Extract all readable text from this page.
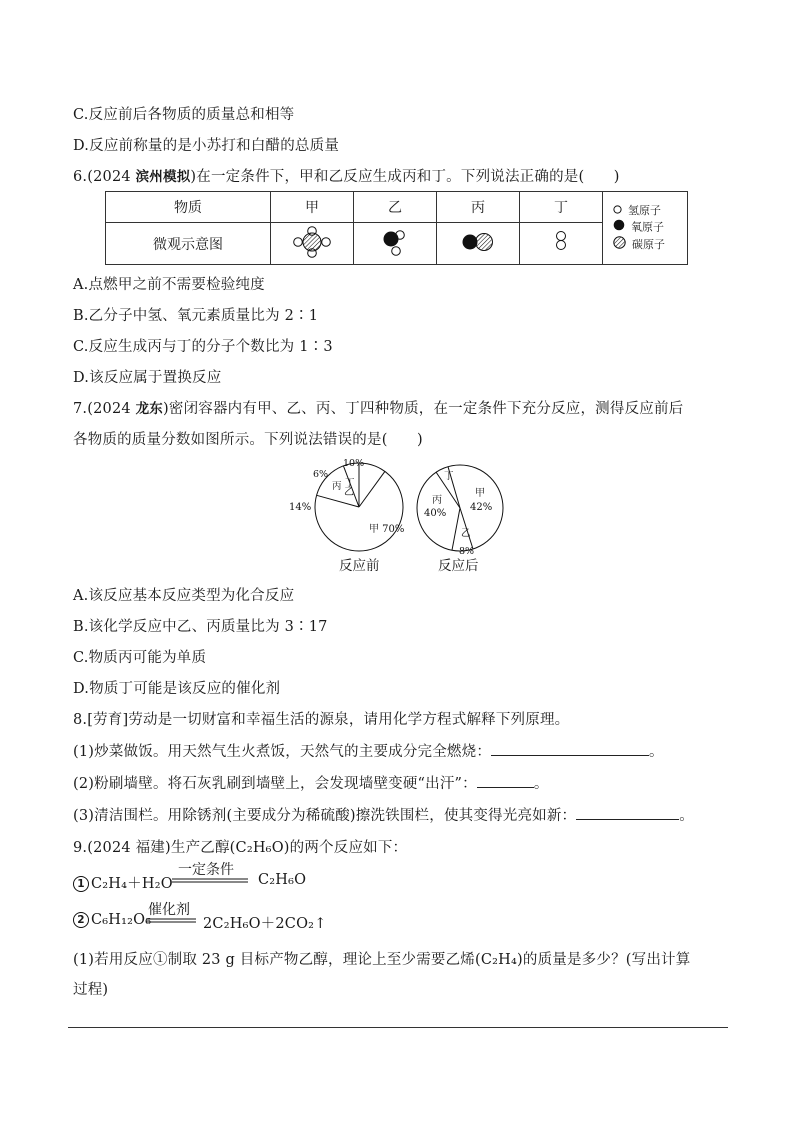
C.反应前后各物质的质量总和相等
D.反应前称量的是小苏打和白醋的总质量
6.(2024 滨州模拟)在一定条件下，甲和乙反应生成丙和丁。下列说法正确的是(　　)
物质	甲	乙	丙	丁	氢原子
氧原子
碳原子

微观示意图				
A.点燃甲之前不需要检验纯度
B.乙分子中氢、氧元素质量比为 2∶1
C.反应生成丙与丁的分子个数比为 1∶3
D.该反应属于置换反应
7.(2024 龙东)密闭容器内有甲、乙、丙、丁四种物质，在一定条件下充分反应，测得反应前后
各物质的质量分数如图所示。下列说法错误的是(　　)
甲 70%
乙
14%
丙
6%
丁
10%
反应前
甲
42%
丙
40%
乙
8%
丁
反应后
A.该反应基本反应类型为化合反应
B.该化学反应中乙、丙质量比为 3∶17
C.物质丙可能为单质
D.物质丁可能是该反应的催化剂
8.[劳育]劳动是一切财富和幸福生活的源泉，请用化学方程式解释下列原理。
(1)炒菜做饭。用天然气生火煮饭，天然气的主要成分完全燃烧：	。
(2)粉刷墙壁。将石灰乳刷到墙壁上，会发现墙壁变硬“出汗”：	。
(3)清洁围栏。用除锈剂(主要成分为稀硫酸)擦洗铁围栏，使其变得光亮如新：	。
9.(2024 福建)生产乙醇(C₂H₆O)的两个反应如下：
1 C₂H₄＋H₂O
一定条件
C₂H₆O
2 C₆H₁₂O₆
催化剂
2C₂H₆O＋2CO₂↑
(1)若用反应①制取 23 g 目标产物乙醇，理论上至少需要乙烯(C₂H₄)的质量是多少？(写出计算
过程)
